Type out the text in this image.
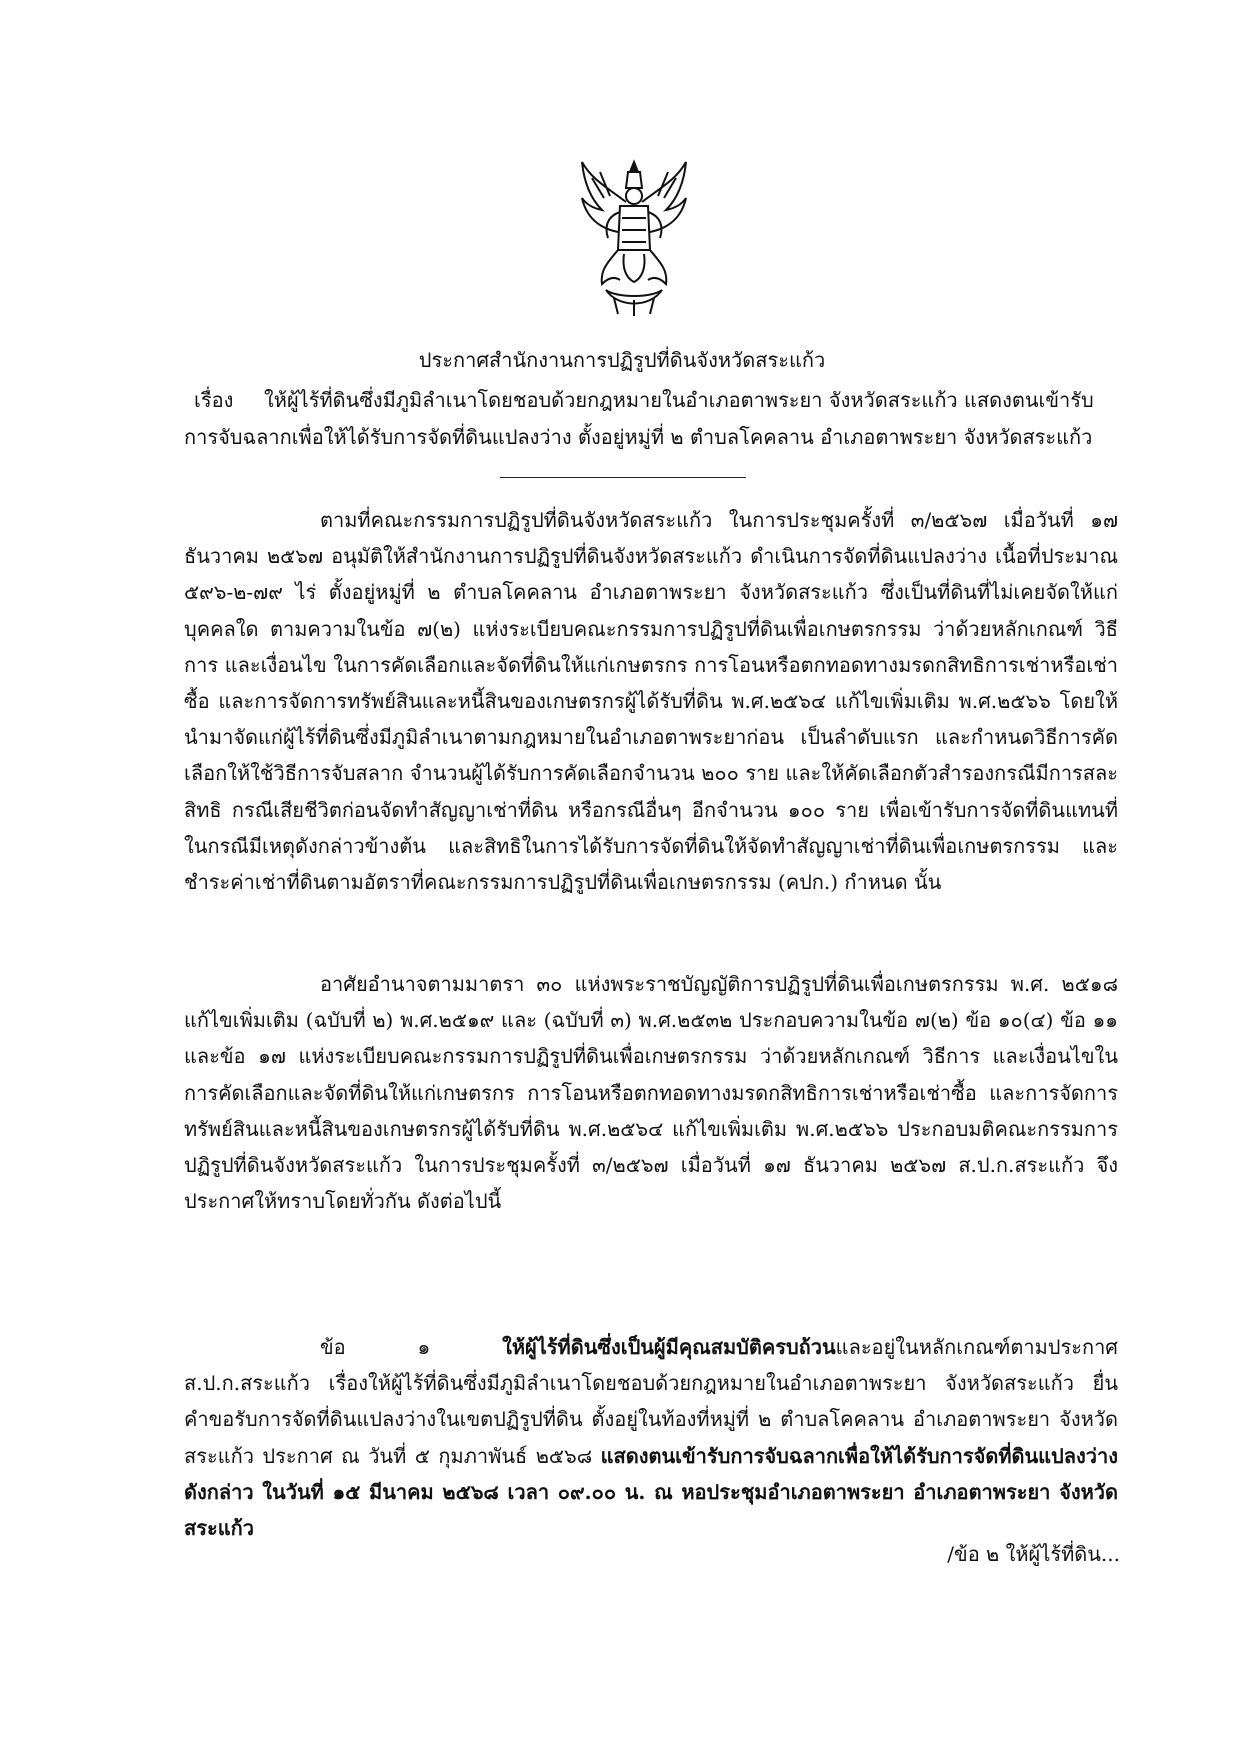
ประกาศสำนักงานการปฏิรูปที่ดินจังหวัดสระแก้ว
เรื่อง ให้ผู้ไร้ที่ดินซึ่งมีภูมิลำเนาโดยชอบด้วยกฎหมายในอำเภอตาพระยา จังหวัดสระแก้ว แสดงตนเข้ารับ
การจับฉลากเพื่อให้ได้รับการจัดที่ดินแปลงว่าง ตั้งอยู่หมู่ที่ ๒ ตำบลโคคลาน อำเภอตาพระยา จังหวัดสระแก้ว
ตามที่คณะกรรมการปฏิรูปที่ดินจังหวัดสระแก้ว ในการประชุมครั้งที่ ๓/๒๕๖๗ เมื่อวันที่ ๑๗ ธันวาคม ๒๕๖๗ อนุมัติให้สำนักงานการปฏิรูปที่ดินจังหวัดสระแก้ว ดำเนินการจัดที่ดินแปลงว่าง เนื้อที่ประมาณ ๕๙๖-๒-๗๙ ไร่ ตั้งอยู่หมู่ที่ ๒ ตำบลโคคลาน อำเภอตาพระยา จังหวัดสระแก้ว ซึ่งเป็นที่ดินที่ไม่เคยจัดให้แก่บุคคลใด ตามความในข้อ ๗(๒) แห่งระเบียบคณะกรรมการปฏิรูปที่ดินเพื่อเกษตรกรรม ว่าด้วยหลักเกณฑ์ วิธีการ และเงื่อนไข ในการคัดเลือกและจัดที่ดินให้แก่เกษตรกร การโอนหรือตกทอดทางมรดกสิทธิการเช่าหรือเช่าซื้อ และการจัดการทรัพย์สินและหนี้สินของเกษตรกรผู้ได้รับที่ดิน พ.ศ.๒๕๖๔ แก้ไขเพิ่มเติม พ.ศ.๒๕๖๖ โดยให้นำมาจัดแก่ผู้ไร้ที่ดินซึ่งมีภูมิลำเนาตามกฎหมายในอำเภอตาพระยาก่อน เป็นลำดับแรก และกำหนดวิธีการคัดเลือกให้ใช้วิธีการจับสลาก จำนวนผู้ได้รับการคัดเลือกจำนวน ๒๐๐ ราย และให้คัดเลือกตัวสำรองกรณีมีการสละสิทธิ กรณีเสียชีวิตก่อนจัดทำสัญญาเช่าที่ดิน หรือกรณีอื่นๆ อีกจำนวน ๑๐๐ ราย เพื่อเข้ารับการจัดที่ดินแทนที่ในกรณีมีเหตุดังกล่าวข้างต้น และสิทธิในการได้รับการจัดที่ดินให้จัดทำสัญญาเช่าที่ดินเพื่อเกษตรกรรม และชำระค่าเช่าที่ดินตามอัตราที่คณะกรรมการปฏิรูปที่ดินเพื่อเกษตรกรรม (คปก.) กำหนด นั้น
อาศัยอำนาจตามมาตรา ๓๐ แห่งพระราชบัญญัติการปฏิรูปที่ดินเพื่อเกษตรกรรม พ.ศ. ๒๕๑๘ แก้ไขเพิ่มเติม (ฉบับที่ ๒) พ.ศ.๒๕๑๙ และ (ฉบับที่ ๓) พ.ศ.๒๕๓๒ ประกอบความในข้อ ๗(๒) ข้อ ๑๐(๔) ข้อ ๑๑ และข้อ ๑๗ แห่งระเบียบคณะกรรมการปฏิรูปที่ดินเพื่อเกษตรกรรม ว่าด้วยหลักเกณฑ์ วิธีการ และเงื่อนไขในการคัดเลือกและจัดที่ดินให้แก่เกษตรกร การโอนหรือตกทอดทางมรดกสิทธิการเช่าหรือเช่าซื้อ และการจัดการทรัพย์สินและหนี้สินของเกษตรกรผู้ได้รับที่ดิน พ.ศ.๒๕๖๔ แก้ไขเพิ่มเติม พ.ศ.๒๕๖๖ ประกอบมติคณะกรรมการปฏิรูปที่ดินจังหวัดสระแก้ว ในการประชุมครั้งที่ ๓/๒๕๖๗ เมื่อวันที่ ๑๗ ธันวาคม ๒๕๖๗ ส.ป.ก.สระแก้ว จึงประกาศให้ทราบโดยทั่วกัน ดังต่อไปนี้
ข้อ ๑ ให้ผู้ไร้ที่ดินซึ่งเป็นผู้มีคุณสมบัติครบถ้วนและอยู่ในหลักเกณฑ์ตามประกาศ ส.ป.ก.สระแก้ว เรื่องให้ผู้ไร้ที่ดินซึ่งมีภูมิลำเนาโดยชอบด้วยกฎหมายในอำเภอตาพระยา จังหวัดสระแก้ว ยื่นคำขอรับการจัดที่ดินแปลงว่างในเขตปฏิรูปที่ดิน ตั้งอยู่ในท้องที่หมู่ที่ ๒ ตำบลโคคลาน อำเภอตาพระยา จังหวัดสระแก้ว ประกาศ ณ วันที่ ๕ กุมภาพันธ์ ๒๕๖๘ แสดงตนเข้ารับการจับฉลากเพื่อให้ได้รับการจัดที่ดินแปลงว่างดังกล่าว ในวันที่ ๑๕ มีนาคม ๒๕๖๘ เวลา ๐๙.๐๐ น. ณ หอประชุมอำเภอตาพระยา อำเภอตาพระยา จังหวัดสระแก้ว
/ข้อ ๒ ให้ผู้ไร้ที่ดิน...
